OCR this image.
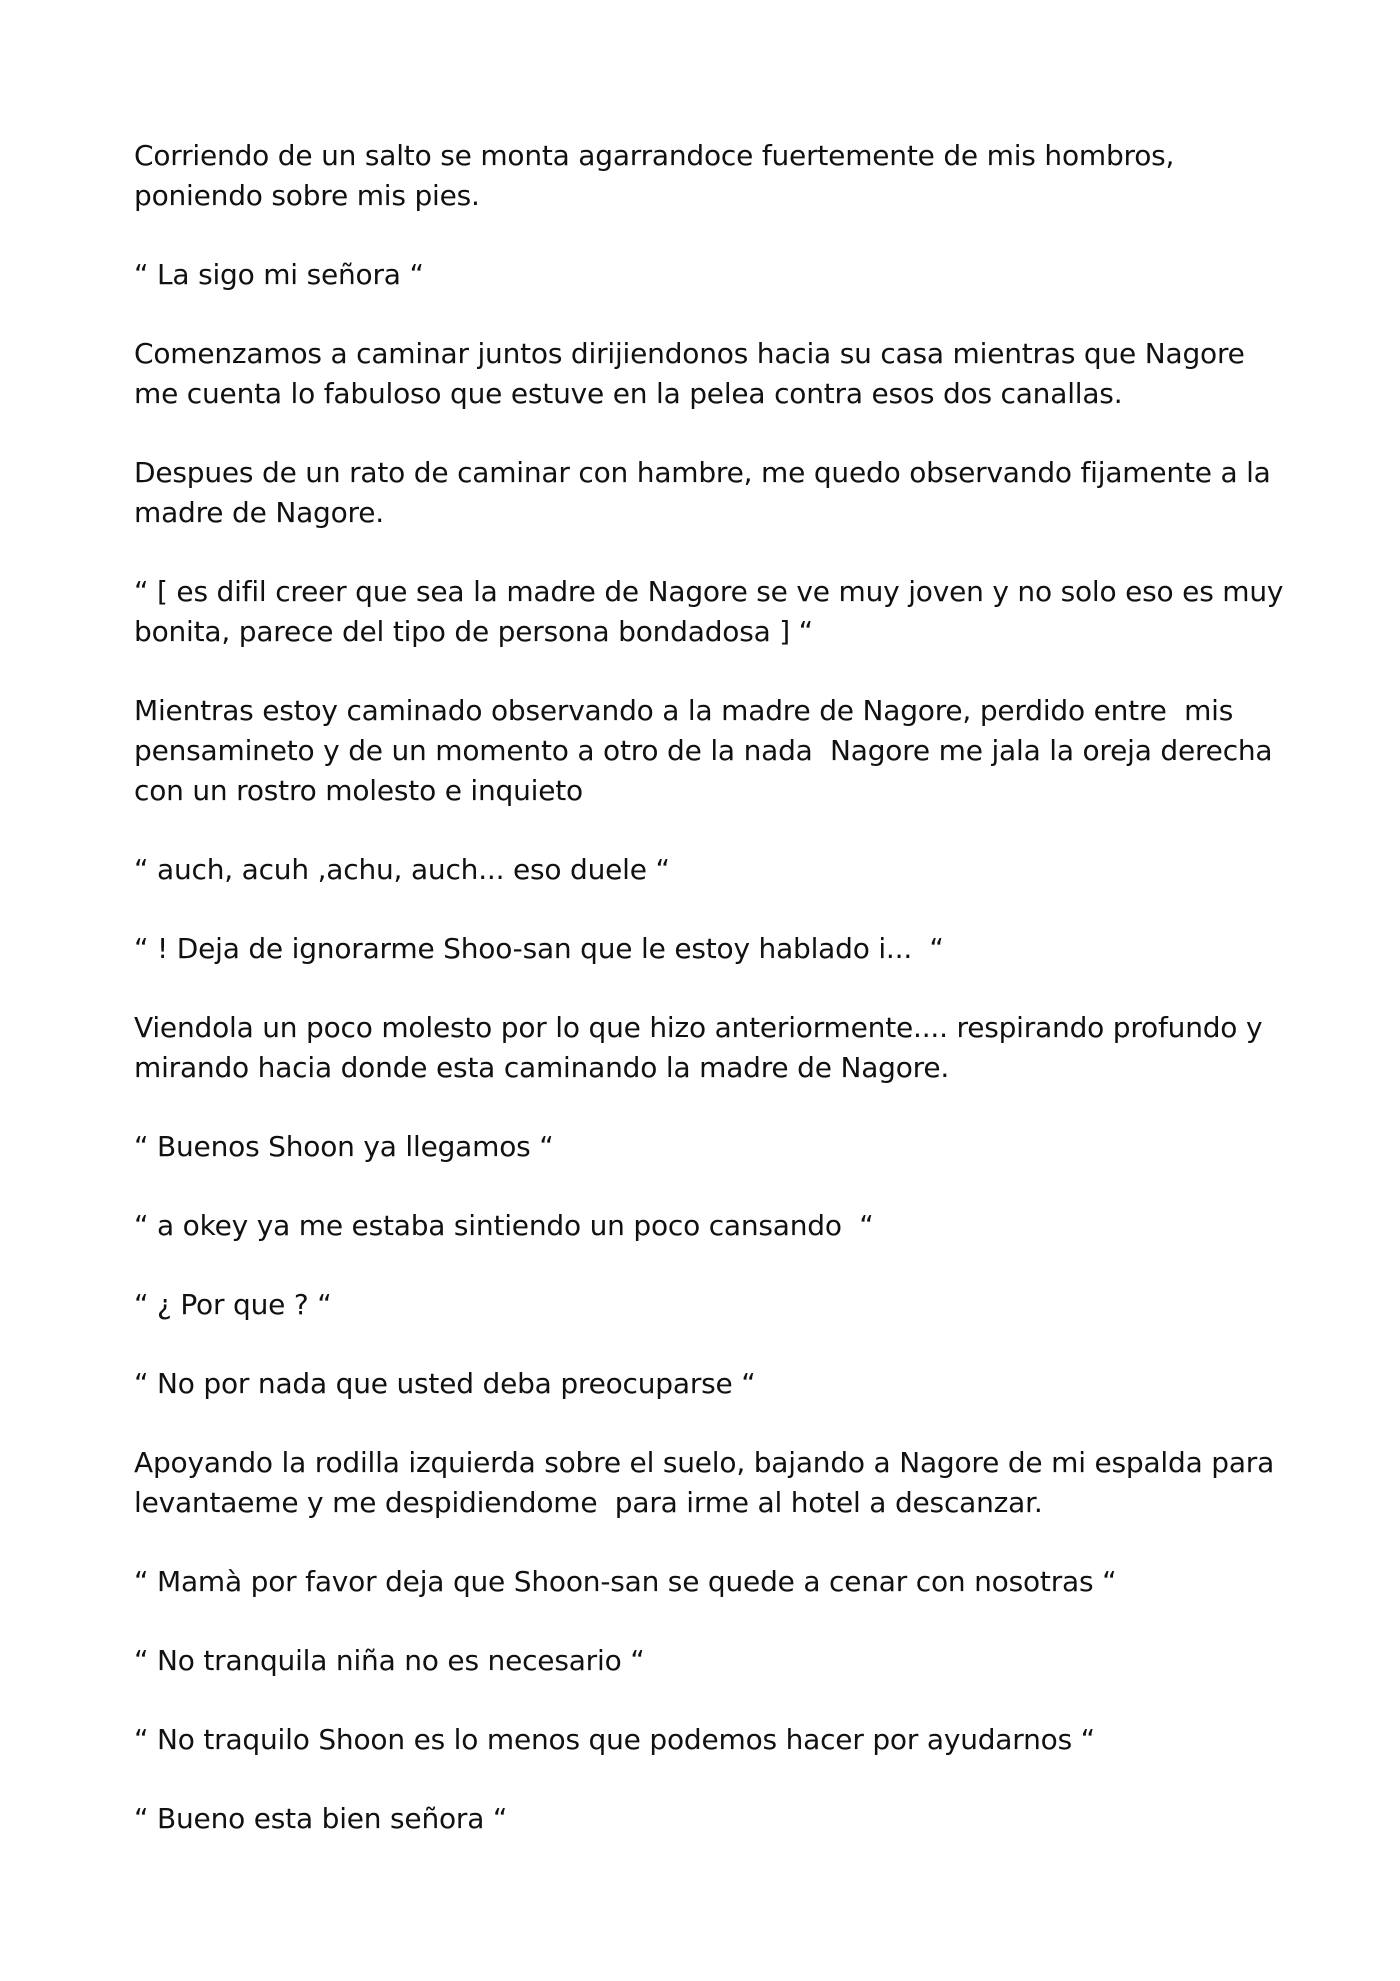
Corriendo de un salto se monta agarrandoce fuertemente de mis hombros, poniendo sobre mis pies.

“ La sigo mi señora “

Comenzamos a caminar juntos dirijiendonos hacia su casa mientras que Nagore me cuenta lo fabuloso que estuve en la pelea contra esos dos canallas.

Despues de un rato de caminar con hambre, me quedo observando fijamente a la madre de Nagore.

“ [ es difil creer que sea la madre de Nagore se ve muy joven y no solo eso es muy bonita, parece del tipo de persona bondadosa ] “

Mientras estoy caminado observando a la madre de Nagore, perdido entre  mis pensamineto y de un momento a otro de la nada  Nagore me jala la oreja derecha con un rostro molesto e inquieto

“ auch, acuh ,achu, auch... eso duele “

“ ! Deja de ignorarme Shoo-san que le estoy hablado i...  “

Viendola un poco molesto por lo que hizo anteriormente.... respirando profundo y mirando hacia donde esta caminando la madre de Nagore.

“ Buenos Shoon ya llegamos “

“ a okey ya me estaba sintiendo un poco cansando  “

“ ¿ Por que ? “

“ No por nada que usted deba preocuparse “

Apoyando la rodilla izquierda sobre el suelo, bajando a Nagore de mi espalda para levantaeme y me despidiendome  para irme al hotel a descanzar.

“ Mamà por favor deja que Shoon-san se quede a cenar con nosotras “

“ No tranquila niña no es necesario “

“ No traquilo Shoon es lo menos que podemos hacer por ayudarnos “

“ Bueno esta bien señora “
